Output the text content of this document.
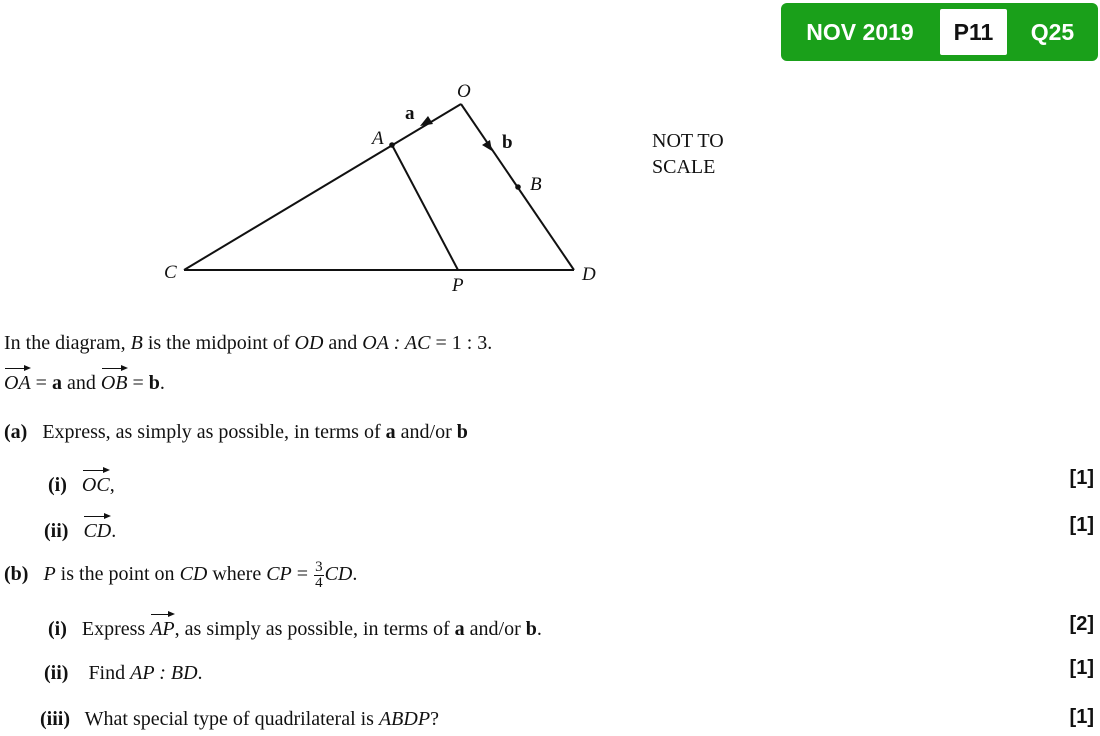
NOV 2019	P11	Q25
O
A
B
C	D
P
a
b	NOT TO
SCALE
In the diagram, B is the midpoint of OD and OA : AC = 1 : 3.
OA = a and OB = b.
(a) Express, as simply as possible, in terms of a and/or b
(i) OC,	[1]
(ii) CD.	[1]
(b) P is the point on CD where CP = $\frac{3}{4}$ CD.
(i) Express AP, as simply as possible, in terms of a and/or b.	[2]
(ii) Find AP : BD.	[1]
(iii) What special type of quadrilateral is ABDP?	[1]
